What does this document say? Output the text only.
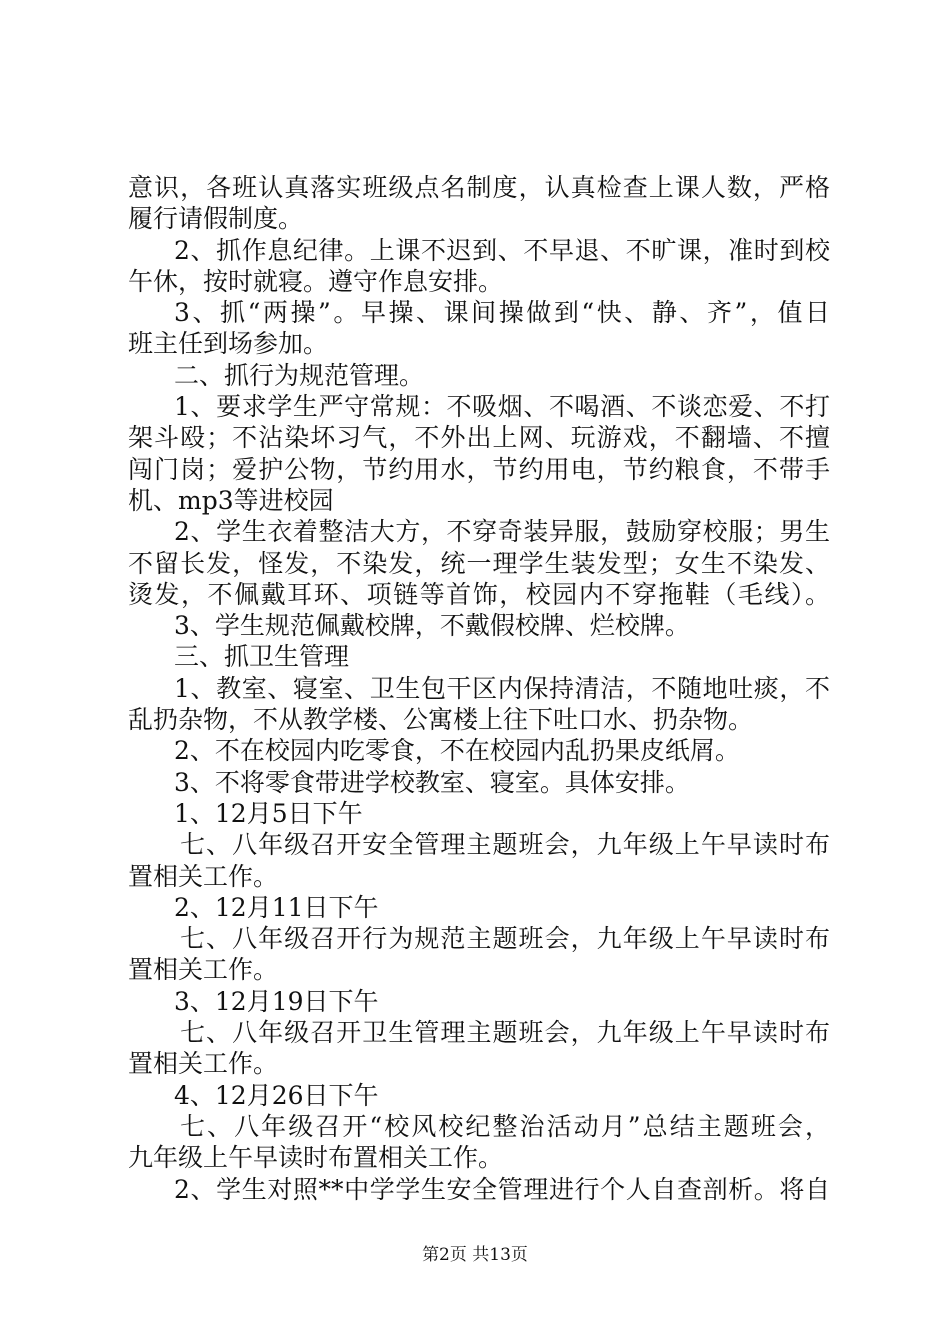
意识，各班认真落实班级点名制度，认真检查上课人数，严格
履行请假制度。
2、抓作息纪律。上课不迟到、不早退、不旷课，准时到校
午休，按时就寝。遵守作息安排。
3、抓“两操”。早操、课间操做到“快、静、齐”，值日
班主任到场参加。
二、抓行为规范管理。
1、要求学生严守常规：不吸烟、不喝酒、不谈恋爱、不打
架斗殴；不沾染坏习气，不外出上网、玩游戏，不翻墙、不擅
闯门岗；爱护公物，节约用水，节约用电，节约粮食，不带手
机、mp3等进校园
2、学生衣着整洁大方，不穿奇装异服，鼓励穿校服；男生
不留长发，怪发，不染发，统一理学生装发型；女生不染发、
烫发，不佩戴耳环、项链等首饰，校园内不穿拖鞋（毛线）。
3、学生规范佩戴校牌，不戴假校牌、烂校牌。
三、抓卫生管理
1、教室、寝室、卫生包干区内保持清洁，不随地吐痰，不
乱扔杂物，不从教学楼、公寓楼上往下吐口水、扔杂物。
2、不在校园内吃零食，不在校园内乱扔果皮纸屑。
3、不将零食带进学校教室、寝室。具体安排。
1、12月5日下午
七、八年级召开安全管理主题班会，九年级上午早读时布
置相关工作。
2、12月11日下午
七、八年级召开行为规范主题班会，九年级上午早读时布
置相关工作。
3、12月19日下午
七、八年级召开卫生管理主题班会，九年级上午早读时布
置相关工作。
4、12月26日下午
七、八年级召开“校风校纪整治活动月”总结主题班会，
九年级上午早读时布置相关工作。
2、学生对照**中学学生安全管理进行个人自查剖析。将自
第2页 共13页
